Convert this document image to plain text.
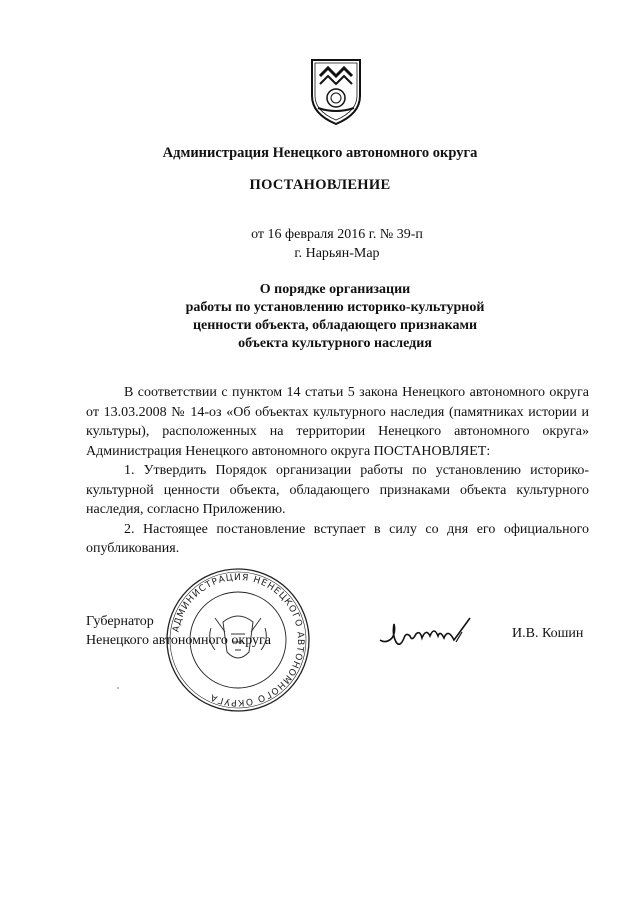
Администрация Ненецкого автономного округа
ПОСТАНОВЛЕНИЕ
от 16 февраля 2016 г. № 39-п
г. Нарьян-Мар
О порядке организации
работы по установлению историко-культурной
ценности объекта, обладающего признаками
объекта культурного наследия

В соответствии с пунктом 14 статьи 5 закона Ненецкого автономного округа от 13.03.2008 № 14-оз «Об объектах культурного наследия (памятниках истории и культуры), расположенных на территории Ненецкого автономного округа» Администрация Ненецкого автономного округа ПОСТАНОВЛЯЕТ:

1. Утвердить Порядок организации работы по установлению историко-культурной ценности объекта, обладающего признаками объекта культурного наследия, согласно Приложению.

2. Настоящее постановление вступает в силу со дня его официального опубликования.

АДМИНИСТРАЦИЯ НЕНЕЦКОГО АВТОНОМНОГО ОКРУГА
Губернатор
Ненецкого автономного округа	И.В. Кошин
